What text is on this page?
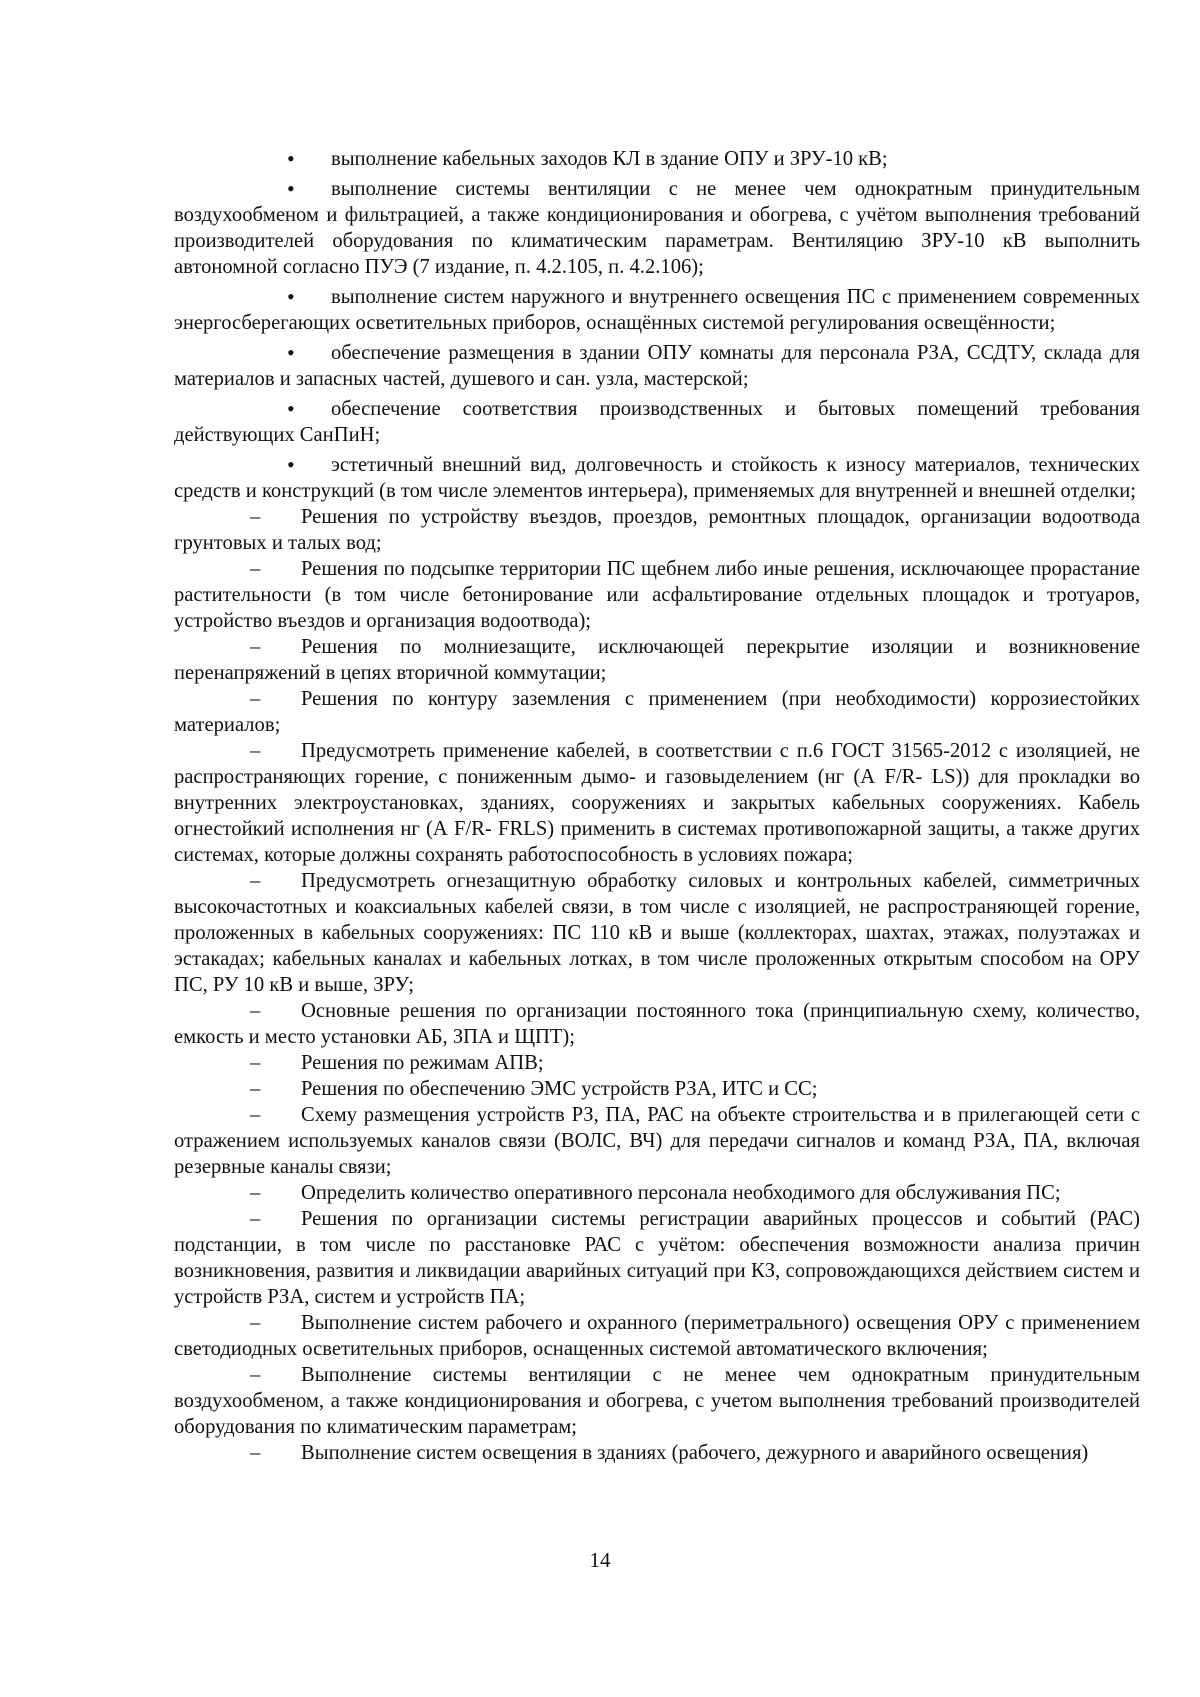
• выполнение кабельных заходов КЛ в здание ОПУ и ЗРУ-10 кВ;

• выполнение системы вентиляции с не менее чем однократным принудительным воздухообменом и фильтрацией, а также кондиционирования и обогрева, с учётом выполнения требований производителей оборудования по климатическим параметрам. Вентиляцию ЗРУ-10 кВ выполнить автономной согласно ПУЭ (7 издание, п. 4.2.105, п. 4.2.106);

• выполнение систем наружного и внутреннего освещения ПС с применением современных энергосберегающих осветительных приборов, оснащённых системой регулирования освещённости;

• обеспечение размещения в здании ОПУ комнаты для персонала РЗА, ССДТУ, склада для материалов и запасных частей, душевого и сан. узла, мастерской;

• обеспечение соответствия производственных и бытовых помещений требования действующих СанПиН;

• эстетичный внешний вид, долговечность и стойкость к износу материалов, технических средств и конструкций (в том числе элементов интерьера), применяемых для внутренней и внешней отделки;

– Решения по устройству въездов, проездов, ремонтных площадок, организации водоотвода грунтовых и талых вод;

– Решения по подсыпке территории ПС щебнем либо иные решения, исключающее прорастание растительности (в том числе бетонирование или асфальтирование отдельных площадок и тротуаров, устройство въездов и организация водоотвода);

– Решения по молниезащите, исключающей перекрытие изоляции и возникновение перенапряжений в цепях вторичной коммутации;

– Решения по контуру заземления с применением (при необходимости) коррозиестойких материалов;

– Предусмотреть применение кабелей, в соответствии с п.6 ГОСТ 31565-2012 с изоляцией, не распространяющих горение, с пониженным дымо- и газовыделением (нг (А F/R- LS)) для прокладки во внутренних электроустановках, зданиях, сооружениях и закрытых кабельных сооружениях. Кабель огнестойкий исполнения нг (А F/R- FRLS) применить в системах противопожарной защиты, а также других системах, которые должны сохранять работоспособность в условиях пожара;

– Предусмотреть огнезащитную обработку силовых и контрольных кабелей, симметричных высокочастотных и коаксиальных кабелей связи, в том числе с изоляцией, не распространяющей горение, проложенных в кабельных сооружениях: ПС 110 кВ и выше (коллекторах, шахтах, этажах, полуэтажах и эстакадах; кабельных каналах и кабельных лотках, в том числе проложенных открытым способом на ОРУ ПС, РУ 10 кВ и выше, ЗРУ;

– Основные решения по организации постоянного тока (принципиальную схему, количество, емкость и место установки АБ, ЗПА и ЩПТ);

– Решения по режимам АПВ;

– Решения по обеспечению ЭМС устройств РЗА, ИТС и СС;

– Схему размещения устройств РЗ, ПА, РАС на объекте строительства и в прилегающей сети с отражением используемых каналов связи (ВОЛС, ВЧ) для передачи сигналов и команд РЗА, ПА, включая резервные каналы связи;

– Определить количество оперативного персонала необходимого для обслуживания ПС;

– Решения по организации системы регистрации аварийных процессов и событий (РАС) подстанции, в том числе по расстановке РАС с учётом: обеспечения возможности анализа причин возникновения, развития и ликвидации аварийных ситуаций при КЗ, сопровождающихся действием систем и устройств РЗА, систем и устройств ПА;

– Выполнение систем рабочего и охранного (периметрального) освещения ОРУ с применением светодиодных осветительных приборов, оснащенных системой автоматического включения;

– Выполнение системы вентиляции с не менее чем однократным принудительным воздухообменом, а также кондиционирования и обогрева, с учетом выполнения требований производителей оборудования по климатическим параметрам;

– Выполнение систем освещения в зданиях (рабочего, дежурного и аварийного освещения)

14
